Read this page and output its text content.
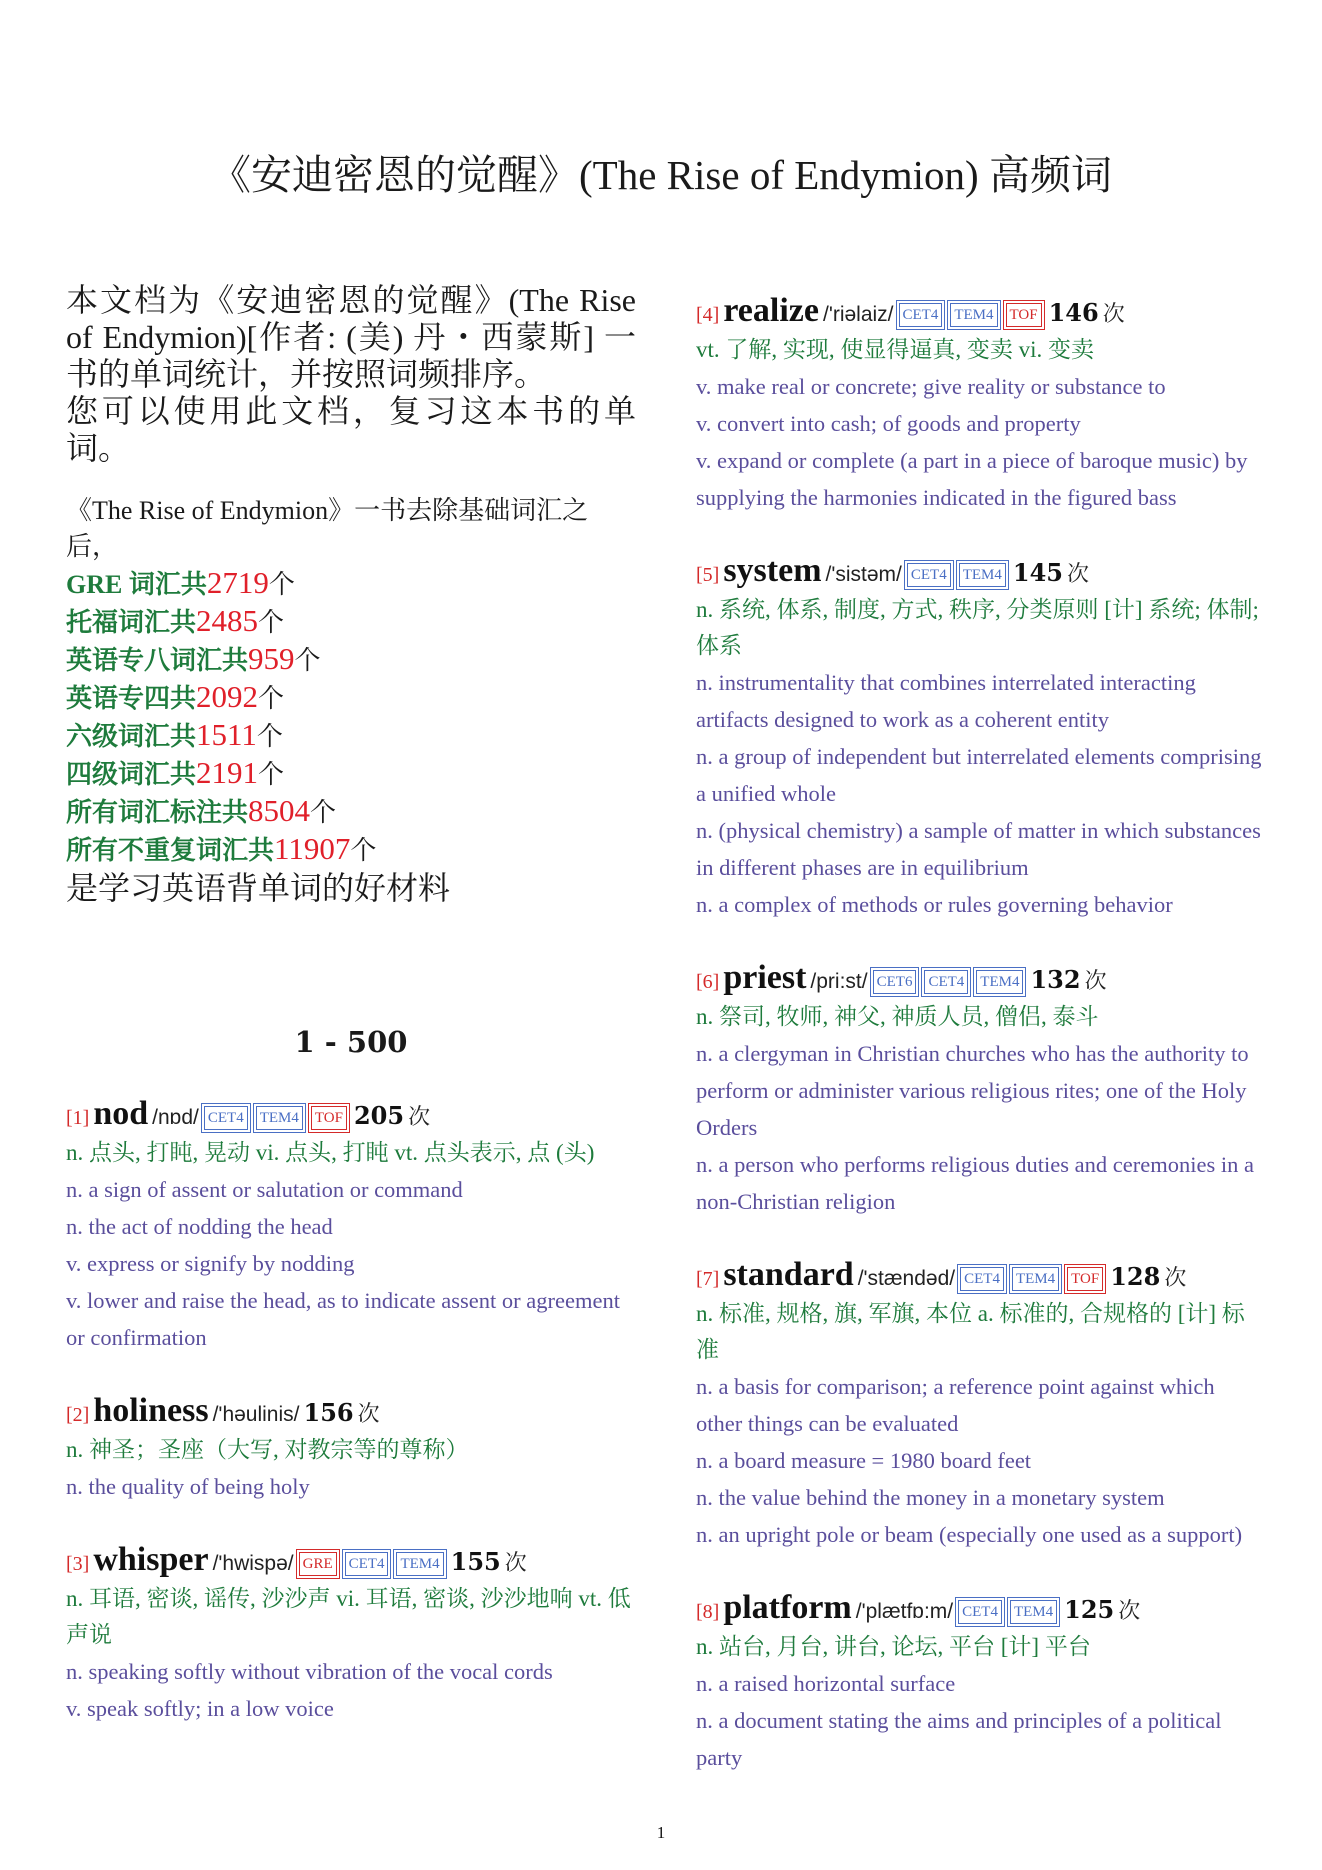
《安迪密恩的觉醒》(The Rise of Endymion) 高频词

本文档为《安迪密恩的觉醒》(The Rise of Endymion)[作者: (美) 丹・西蒙斯] 一书的单词统计，并按照词频排序。
您可以使用此文档，复习这本书的单词。

《The Rise of Endymion》一书去除基础词汇之后，
GRE 词汇共2719个
托福词汇共2485个
英语专八词汇共959个
英语专四共2092个
六级词汇共1511个
四级词汇共2191个
所有词汇标注共8504个
所有不重复词汇共11907个
是学习英语背单词的好材料
1 - 500
[1] nod /nɒd/ CET4 TEM4 TOF 205 次
n. 点头, 打盹, 晃动 vi. 点头, 打盹 vt. 点头表示, 点 (头)
n. a sign of assent or salutation or command
n. the act of nodding the head
v. express or signify by nodding
v. lower and raise the head, as to indicate assent or agreement or confirmation
[2] holiness /'həulinis/ 156 次
n. 神圣；圣座（大写, 对教宗等的尊称）
n. the quality of being holy
[3] whisper /'hwispə/ GRE CET4 TEM4 155 次
n. 耳语, 密谈, 谣传, 沙沙声 vi. 耳语, 密谈, 沙沙地响 vt. 低声说
n. speaking softly without vibration of the vocal cords
v. speak softly; in a low voice
[4] realize /'riəlaiz/ CET4 TEM4 TOF 146 次
vt. 了解, 实现, 使显得逼真, 变卖 vi. 变卖
v. make real or concrete; give reality or substance to
v. convert into cash; of goods and property
v. expand or complete (a part in a piece of baroque music) by supplying the harmonies indicated in the figured bass
[5] system /'sistəm/ CET4 TEM4 145 次
n. 系统, 体系, 制度, 方式, 秩序, 分类原则 [计] 系统; 体制; 体系
n. instrumentality that combines interrelated interacting artifacts designed to work as a coherent entity
n. a group of independent but interrelated elements comprising a unified whole
n. (physical chemistry) a sample of matter in which substances in different phases are in equilibrium
n. a complex of methods or rules governing behavior
[6] priest /pri:st/ CET6 CET4 TEM4 132 次
n. 祭司, 牧师, 神父, 神质人员, 僧侣, 泰斗
n. a clergyman in Christian churches who has the authority to perform or administer various religious rites; one of the Holy Orders
n. a person who performs religious duties and ceremonies in a non-Christian religion
[7] standard /'stændəd/ CET4 TEM4 TOF 128 次
n. 标准, 规格, 旗, 军旗, 本位 a. 标准的, 合规格的 [计] 标准
n. a basis for comparison; a reference point against which other things can be evaluated
n. a board measure = 1980 board feet
n. the value behind the money in a monetary system
n. an upright pole or beam (especially one used as a support)
[8] platform /'plætfɒ:m/ CET4 TEM4 125 次
n. 站台, 月台, 讲台, 论坛, 平台 [计] 平台
n. a raised horizontal surface
n. a document stating the aims and principles of a political party
1
